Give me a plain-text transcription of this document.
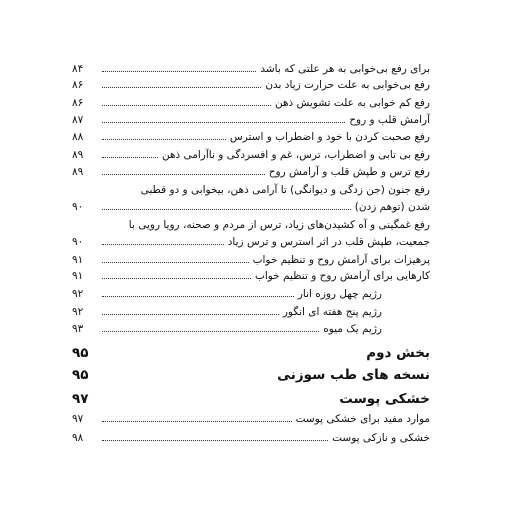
برای رفع بی‌خوابی به هر علتی که باشد
۸۴
رفع بی‌خوابی به علت حرارت زیاد بدن
۸۶
رفع کم خوابی به علت تشویش ذهن
۸۶
آرامش قلب و روح
۸۷
رفع صحبت کردن با خود و اضطراب و استرس
۸۸
رفع بی تابی و اضطراب، ترس، غم و افسردگی و ناآرامی ذهن
۸۹
رفع ترس و طپش قلب و آرامش روح
۸۹
رفع جنون (جن زدگی و دیوانگی) تا آرامی ذهن، بیخوابی و دو قطبی
شدن (توهم زدن)
۹۰
رفع غمگینی و آه کشیدن‌های زیاد، ترس از مردم و صحنه، رویا رویی با
جمعیت، طپش قلب در اثر استرس و ترس زیاد
۹۰
پرهیزات برای آرامش روح و تنظیم خواب
۹۱
کارهایی برای آرامش روح و تنظیم خواب
۹۱
رژیم چهل روزه انار
۹۲
رژیم پنج هفته ای انگور
۹۲
رژیم یک میوه
۹۳
بخش دوم
۹۵
نسخه های طب سوزنی
۹۵
خشکی پوست
۹۷
موارد مفید برای خشکی پوست
۹۷
خشکی و نازکی پوست
۹۸
